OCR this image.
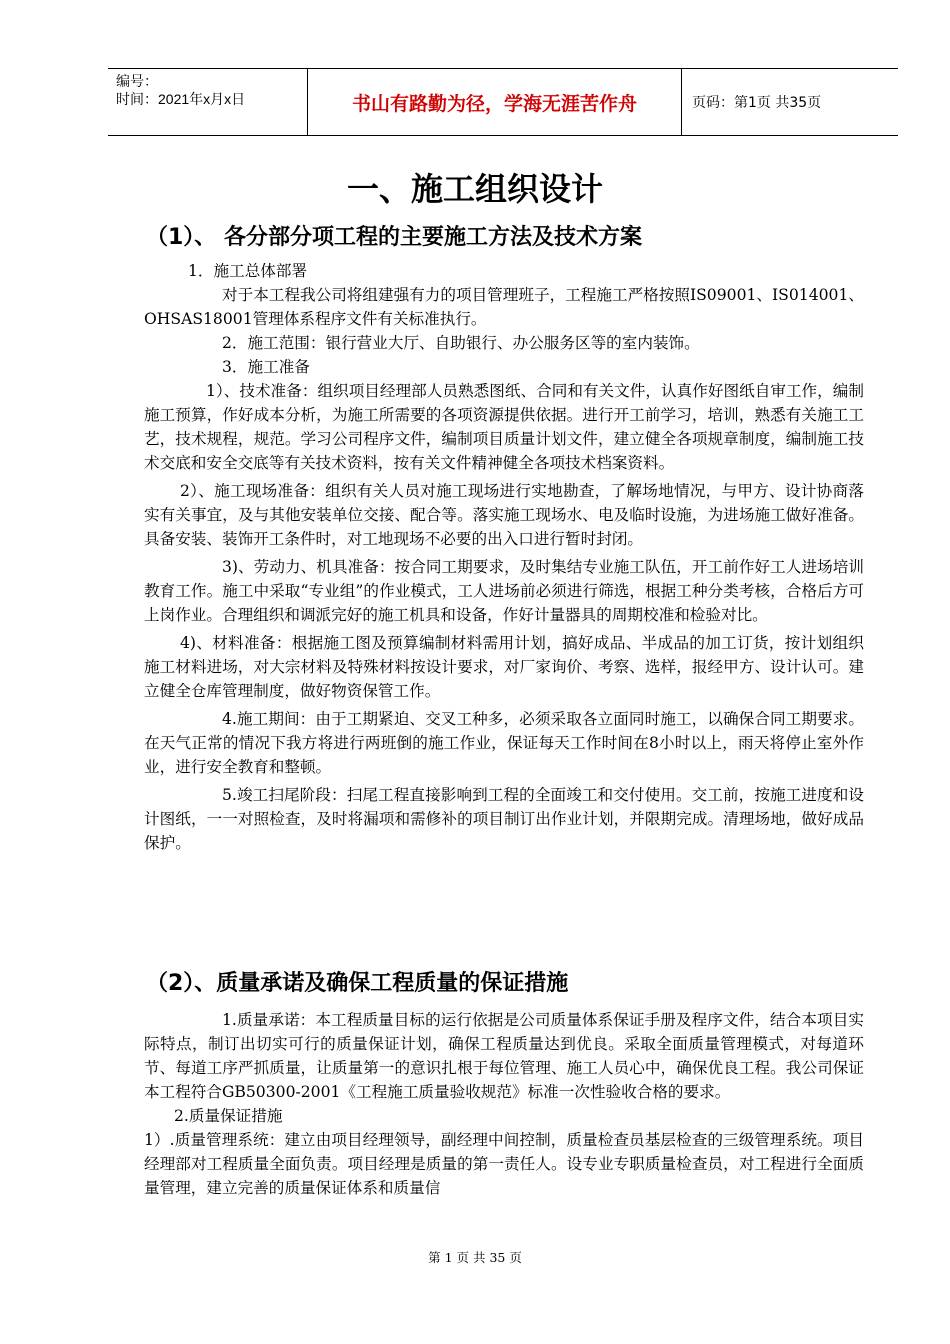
编号：
时间：2021年x月x日	书山有路勤为径，学海无涯苦作舟	页码：第1页 共35页
一、施工组织设计
（1）、 各分部分项工程的主要施工方法及技术方案

1．施工总体部署

对于本工程我公司将组建强有力的项目管理班子，工程施工严格按照IS09001、IS014001、OHSAS18001管理体系程序文件有关标准执行。

2．施工范围：银行营业大厅、自助银行、办公服务区等的室内装饰。

3．施工准备

1）、技术准备：组织项目经理部人员熟悉图纸、合同和有关文件，认真作好图纸自审工作，编制施工预算，作好成本分析，为施工所需要的各项资源提供依据。进行开工前学习，培训，熟悉有关施工工艺，技术规程，规范。学习公司程序文件，编制项目质量计划文件，建立健全各项规章制度，编制施工技术交底和安全交底等有关技术资料，按有关文件精神健全各项技术档案资料。

2）、施工现场准备：组织有关人员对施工现场进行实地勘查，了解场地情况，与甲方、设计协商落实有关事宜，及与其他安装单位交接、配合等。落实施工现场水、电及临时设施，为进场施工做好准备。具备安装、装饰开工条件时，对工地现场不必要的出入口进行暂时封闭。

3)、劳动力、机具准备：按合同工期要求，及时集结专业施工队伍，开工前作好工人进场培训教育工作。施工中采取“专业组”的作业模式，工人进场前必须进行筛选，根据工种分类考核，合格后方可上岗作业。合理组织和调派完好的施工机具和设备，作好计量器具的周期校准和检验对比。

4)、材料准备：根据施工图及预算编制材料需用计划，搞好成品、半成品的加工订货，按计划组织施工材料进场，对大宗材料及特殊材料按设计要求，对厂家询价、考察、选样，报经甲方、设计认可。建立健全仓库管理制度，做好物资保管工作。

4.施工期间：由于工期紧迫、交叉工种多，必须采取各立面同时施工，以确保合同工期要求。在天气正常的情况下我方将进行两班倒的施工作业，保证每天工作时间在8小时以上，雨天将停止室外作业，进行安全教育和整顿。

5.竣工扫尾阶段：扫尾工程直接影响到工程的全面竣工和交付使用。交工前，按施工进度和设计图纸，一一对照检查，及时将漏项和需修补的项目制订出作业计划，并限期完成。清理场地，做好成品保护。

（2）、质量承诺及确保工程质量的保证措施

1.质量承诺：本工程质量目标的运行依据是公司质量体系保证手册及程序文件，结合本项目实际特点，制订出切实可行的质量保证计划，确保工程质量达到优良。采取全面质量管理模式，对每道环节、每道工序严抓质量，让质量第一的意识扎根于每位管理、施工人员心中，确保优良工程。我公司保证本工程符合GB50300-2001《工程施工质量验收规范》标准一次性验收合格的要求。

2.质量保证措施

1）.质量管理系统：建立由项目经理领导，副经理中间控制，质量检查员基层检查的三级管理系统。项目经理部对工程质量全面负责。项目经理是质量的第一责任人。设专业专职质量检查员，对工程进行全面质量管理，建立完善的质量保证体系和质量信

第 1 页 共 35 页
